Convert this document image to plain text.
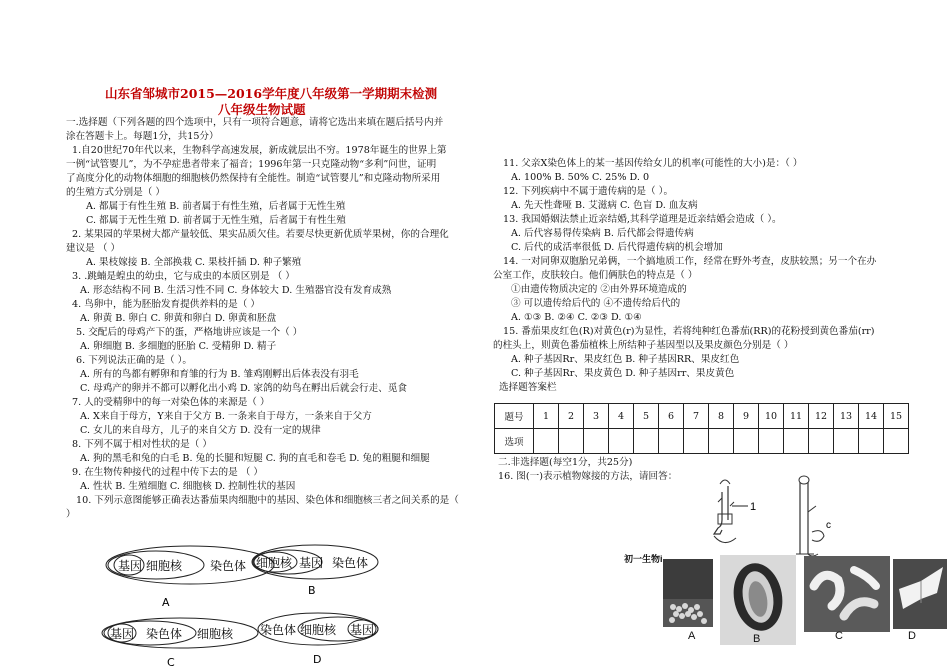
山东省邹城市2015—2016学年度八年级第一学期期末检测
八年级生物试题
一.选择题（下列各题的四个选项中，只有一项符合题意，请将它选出来填在题后括号内并
涂在答题卡上。每题1分，共15分）
1.自20世纪70年代以来，生物科学高速发展，新成就层出不穷。1978年诞生的世界上第
一例“试管婴儿”，为不孕症患者带来了福音；1996年第一只克隆动物“多利”问世，证明
了高度分化的动物体细胞的细胞核仍然保持有全能性。制造“试管婴儿”和克隆动物所采用
的生殖方式分别是（ ）
A. 都属于有性生殖 B. 前者属于有性生殖，后者属于无性生殖
C. 都属于无性生殖 D. 前者属于无性生殖，后者属于有性生殖
2. 某果园的苹果树大都产量较低、果实品质欠佳。若要尽快更新优质苹果树，你的合理化
建议是 （ ）
A. 果枝嫁接 B. 全部换栽 C. 果枝扦插 D. 种子繁殖
3. .跳蝻是蝗虫的幼虫，它与成虫的本质区别是 （ ）
A. 形态结构不同 B. 生活习性不同 C. 身体较大 D. 生殖器官没有发育成熟
4. 鸟卵中，能为胚胎发育提供养料的是（ ）
A. 卵黄 B. 卵白 C. 卵黄和卵白 D. 卵黄和胚盘
5. 交配后的母鸡产下的蛋，严格地讲应该是一个（ ）
A. 卵细胞 B. 多细胞的胚胎 C. 受精卵 D. 精子
6. 下列说法正确的是（ ）。
A. 所有的鸟都有孵卵和育雏的行为 B. 雏鸡刚孵出后体表没有羽毛
C. 母鸡产的卵并不都可以孵化出小鸡 D. 家鸽的幼鸟在孵出后就会行走、觅食
7. 人的受精卵中的每一对染色体的来源是（ ）
A. X来自于母方，Y来自于父方 B. 一条来自于母方，一条来自于父方
C. 女儿的来自母方，儿子的来自父方 D. 没有一定的规律
8. 下列不属于相对性状的是（ ）
A. 狗的黑毛和兔的白毛 B. 兔的长腿和短腿 C. 狗的直毛和卷毛 D. 兔的粗腿和细腿
9. 在生物传种接代的过程中传下去的是 （ ）
A. 性状 B. 生殖细胞 C. 细胞核 D. 控制性状的基因
10. 下列示意图能够正确表达番茄果肉细胞中的基因、染色体和细胞核三者之间关系的是（
）
基因 细胞核 染色体
A
细胞核 基因 染色体
B
基因 染色体 细胞核
C
染色体 细胞核 基因
D
11. 父亲X染色体上的某一基因传给女儿的机率(可能性的大小)是：（ ）
A. 100% B. 50% C. 25% D. 0
12. 下列疾病中不属于遗传病的是（ ）。
A. 先天性聋哑 B. 艾滋病 C. 色盲 D. 血友病
13. 我国婚姻法禁止近亲结婚,其科学道理是近亲结婚会造成（ ）。
A. 后代容易得传染病 B. 后代都会得遗传病
C. 后代的成活率很低 D. 后代得遗传病的机会增加
14. 一对同卵双胞胎兄弟俩，一个搞地质工作，经常在野外考查，皮肤较黑；另一个在办
公室工作，皮肤较白。他们俩肤色的特点是（ ）
①由遗传物质决定的 ②由外界环境造成的
③ 可以遗传给后代的 ④不遗传给后代的
A. ①③ B. ②④ C. ②③ D. ①④
15. 番茄果皮红色(R)对黄色(r)为显性，若将纯种红色番茄(RR)的花粉授到黄色番茄(rr)
的柱头上，则黄色番茄植株上所结种子基因型以及果皮颜色分别是（ ）
A. 种子基因Rr、果皮红色 B. 种子基因RR、果皮红色
C. 种子基因Rr、果皮黄色 D. 种子基因rr、果皮黄色
选择题答案栏
题号	1	2	3	4	5	6	7	8	9	10	11	12	13	14	15
选项															
二.非选择题(每空1分，共25分)
16. 图(一)表示植物嫁接的方法，请回答：
1
c
初一生物i
A	B	C	D
